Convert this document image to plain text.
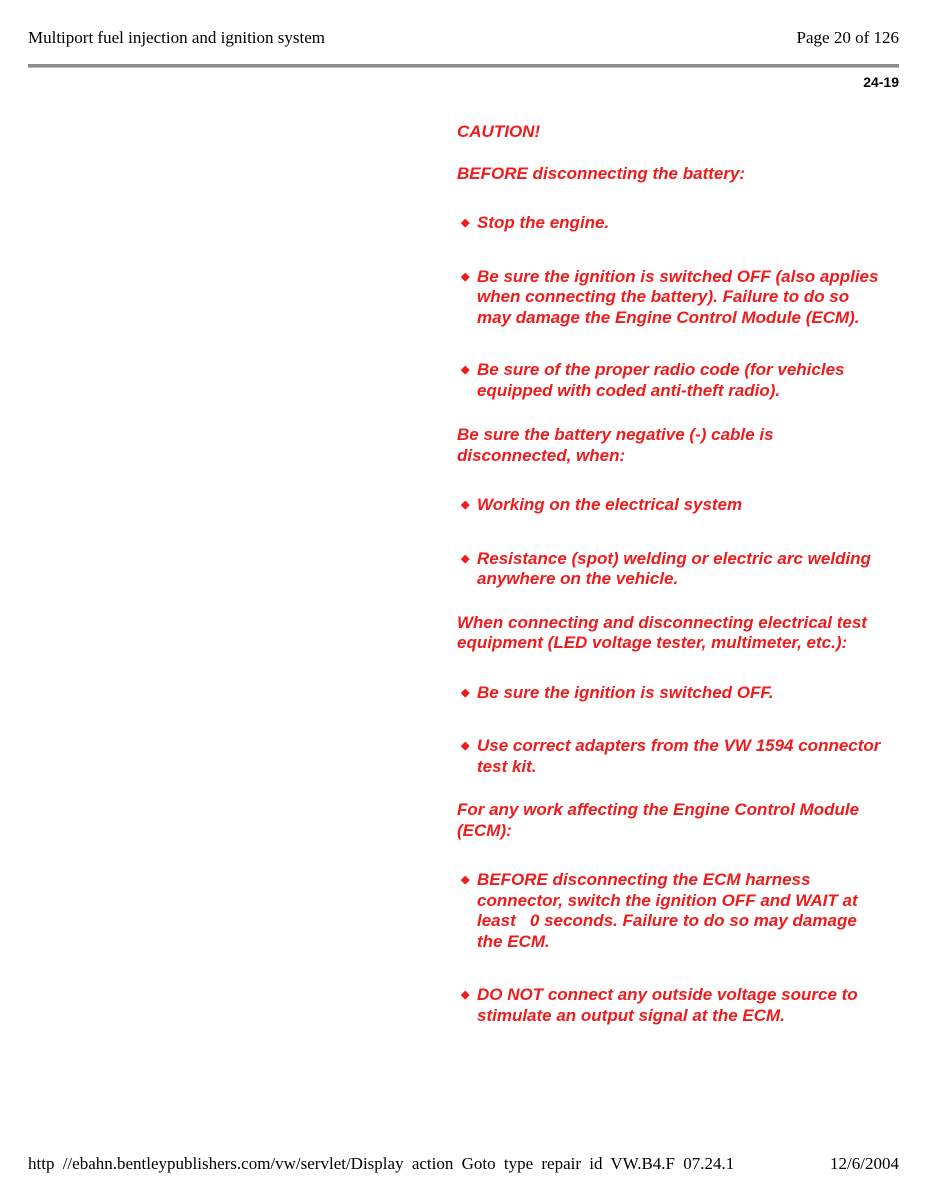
Multiport fuel injection and ignition system	Page 20 of 126
24-19

CAUTION!

BEFORE disconnecting the battery:

◆ Stop the engine.
◆ Be sure the ignition is switched OFF (also applies when connecting the battery). Failure to do so may damage the Engine Control Module (ECM).
◆ Be sure of the proper radio code (for vehicles equipped with coded anti-theft radio).

Be sure the battery negative (-) cable is disconnected, when:

◆ Working on the electrical system
◆ Resistance (spot) welding or electric arc welding anywhere on the vehicle.

When connecting and disconnecting electrical test equipment (LED voltage tester, multimeter, etc.):

◆ Be sure the ignition is switched OFF.
◆ Use correct adapters from the VW 1594 connector test kit.

For any work affecting the Engine Control Module (ECM):

◆ BEFORE disconnecting the ECM harness connector, switch the ignition OFF and WAIT at least   0 seconds. Failure to do so may damage the ECM.
◆ DO NOT connect any outside voltage source to stimulate an output signal at the ECM.
http //ebahn.bentleypublishers.com/vw/servlet/Display action Goto type repair id VW.B4.F 07.24.1	12/6/2004
